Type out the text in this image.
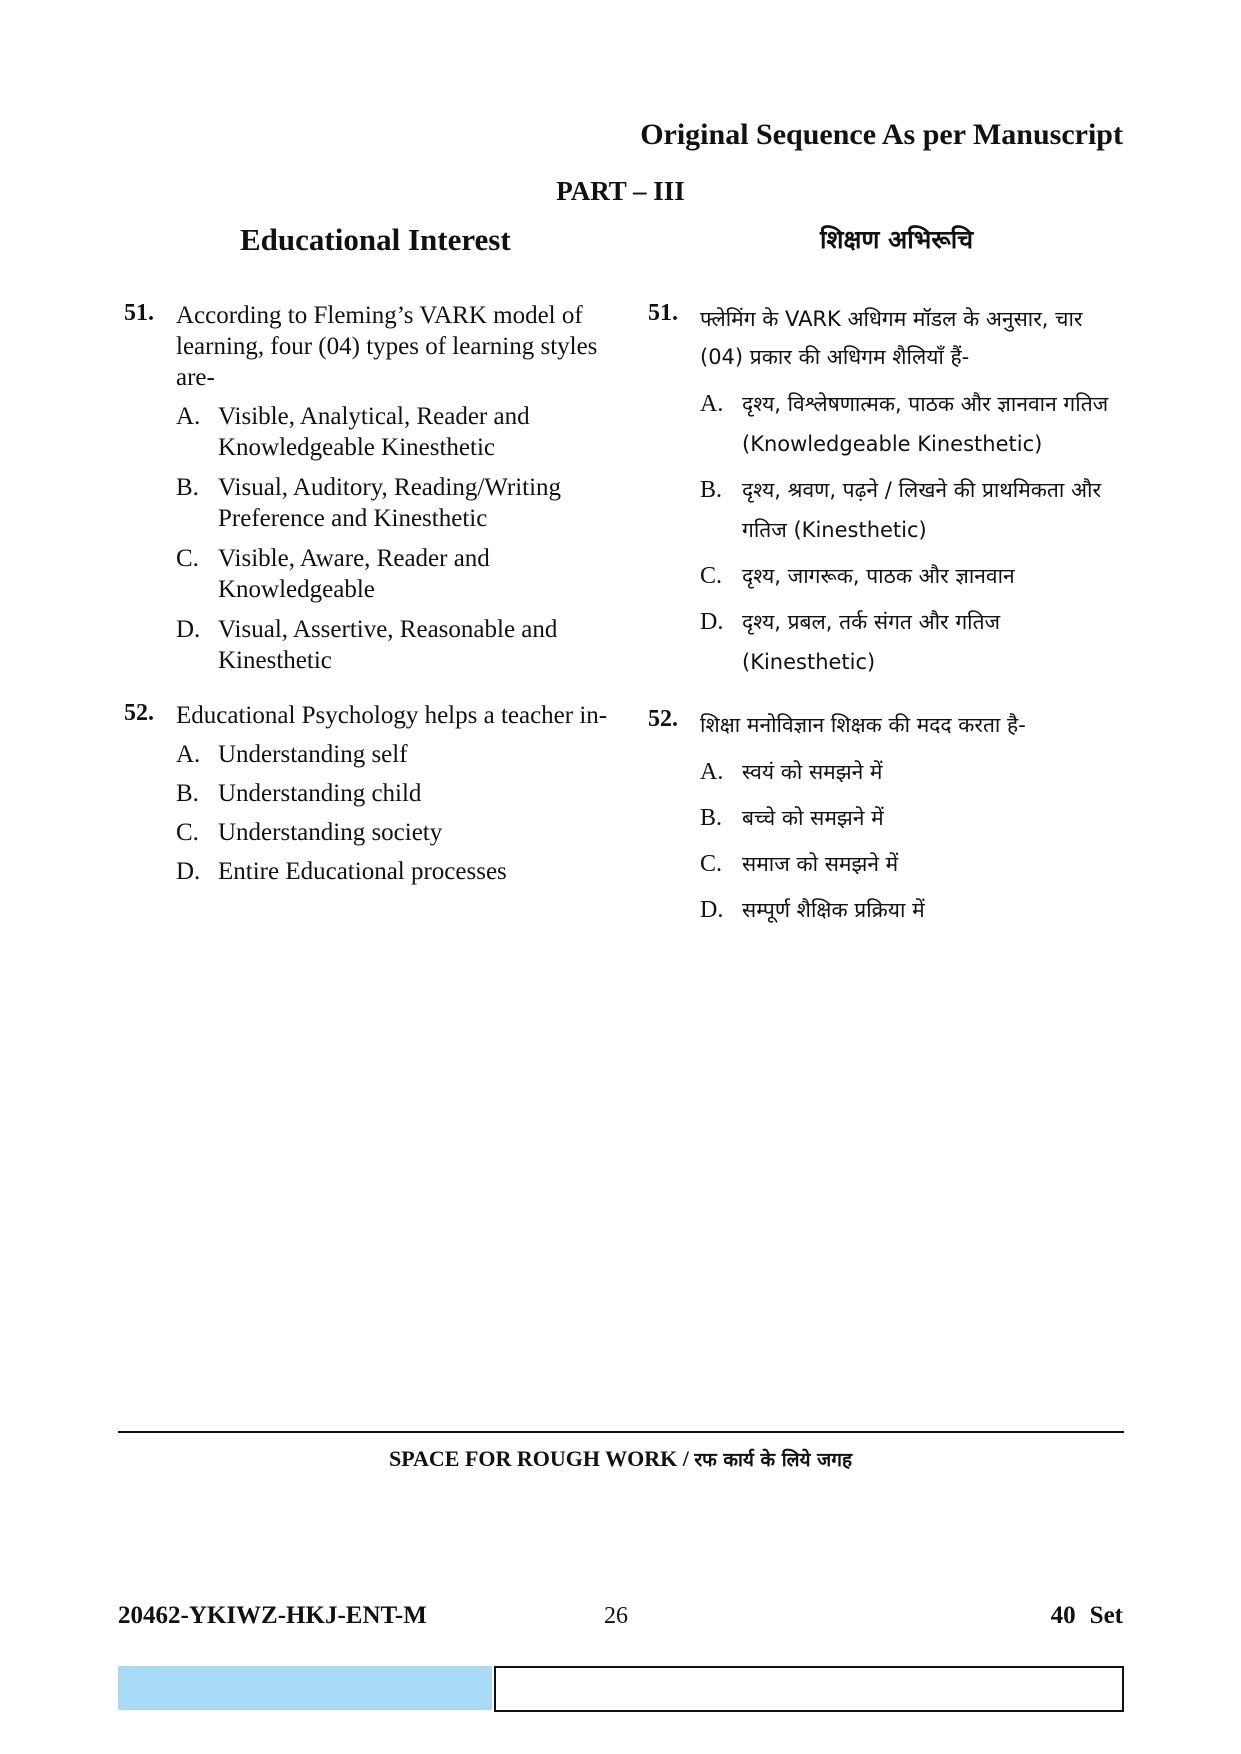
Original Sequence As per Manuscript
PART – III
Educational Interest	शिक्षण अभिरूचि
51. According to Fleming’s VARK model of learning, four (04) types of learning styles are-
A. Visible, Analytical, Reader and Knowledgeable Kinesthetic
B. Visual, Auditory, Reading/Writing Preference and Kinesthetic
C. Visible, Aware, Reader and Knowledgeable
D. Visual, Assertive, Reasonable and Kinesthetic
52. Educational Psychology helps a teacher in-
A. Understanding self
B. Understanding child
C. Understanding society
D. Entire Educational processes
51. फ्लेमिंग के VARK अधिगम मॉडल के अनुसार, चार (04) प्रकार की अधिगम शैलियाँ हैं-
A. दृश्य, विश्लेषणात्मक, पाठक और ज्ञानवान गतिज (Knowledgeable Kinesthetic)
B. दृश्य, श्रवण, पढ़ने / लिखने की प्राथमिकता और गतिज (Kinesthetic)
C. दृश्य, जागरूक, पाठक और ज्ञानवान
D. दृश्य, प्रबल, तर्क संगत और गतिज (Kinesthetic)
52. शिक्षा मनोविज्ञान शिक्षक की मदद करता है-
A. स्वयं को समझने में
B. बच्चे को समझने में
C. समाज को समझने में
D. सम्पूर्ण शैक्षिक प्रक्रिया में
SPACE FOR ROUGH WORK / रफ कार्य के लिये जगह
20462-YKIWZ-HKJ-ENT-M	26	40 Set
